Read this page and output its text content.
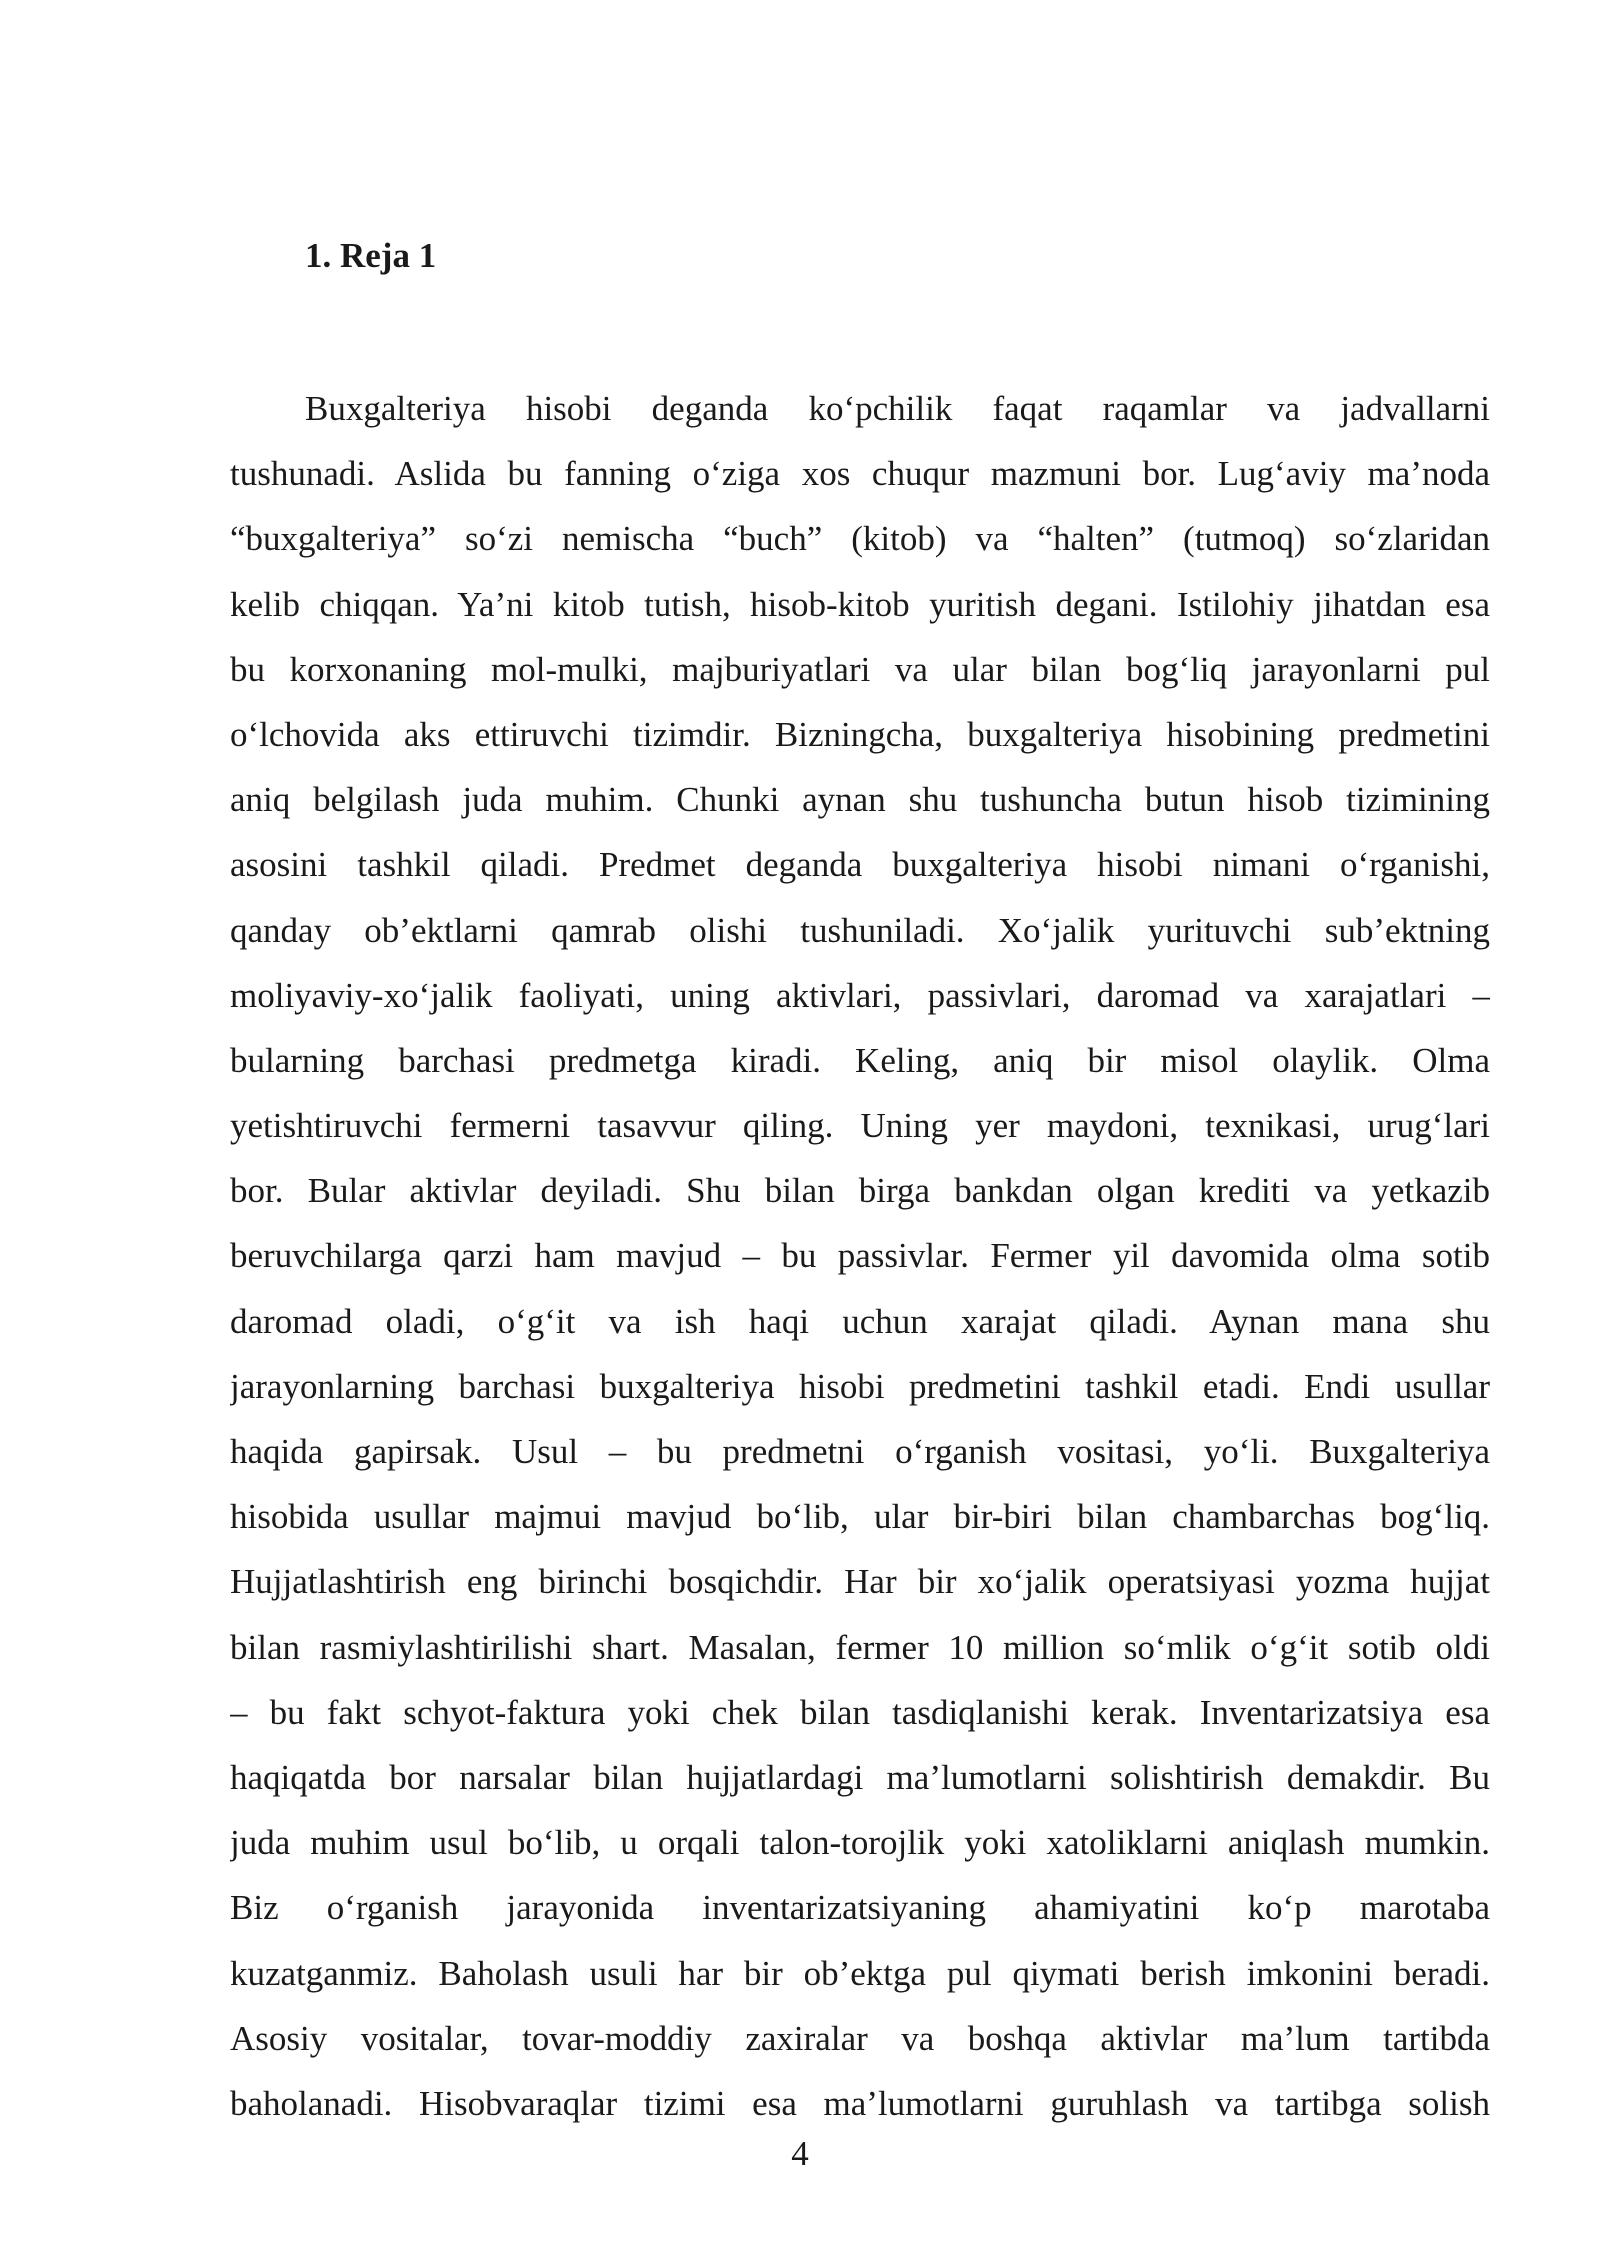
1. Reja 1
Buxgalteriya hisobi deganda ko‘pchilik faqat raqamlar va jadvallarni
tushunadi. Aslida bu fanning o‘ziga xos chuqur mazmuni bor. Lug‘aviy ma’noda
“buxgalteriya” so‘zi nemischa “buch” (kitob) va “halten” (tutmoq) so‘zlaridan
kelib chiqqan. Ya’ni kitob tutish, hisob-kitob yuritish degani. Istilohiy jihatdan esa
bu korxonaning mol-mulki, majburiyatlari va ular bilan bog‘liq jarayonlarni pul
o‘lchovida aks ettiruvchi tizimdir. Bizningcha, buxgalteriya hisobining predmetini
aniq belgilash juda muhim. Chunki aynan shu tushuncha butun hisob tizimining
asosini tashkil qiladi. Predmet deganda buxgalteriya hisobi nimani o‘rganishi,
qanday ob’ektlarni qamrab olishi tushuniladi. Xo‘jalik yurituvchi sub’ektning
moliyaviy-xo‘jalik faoliyati, uning aktivlari, passivlari, daromad va xarajatlari –
bularning barchasi predmetga kiradi. Keling, aniq bir misol olaylik. Olma
yetishtiruvchi fermerni tasavvur qiling. Uning yer maydoni, texnikasi, urug‘lari
bor. Bular aktivlar deyiladi. Shu bilan birga bankdan olgan krediti va yetkazib
beruvchilarga qarzi ham mavjud – bu passivlar. Fermer yil davomida olma sotib
daromad oladi, o‘g‘it va ish haqi uchun xarajat qiladi. Aynan mana shu
jarayonlarning barchasi buxgalteriya hisobi predmetini tashkil etadi. Endi usullar
haqida gapirsak. Usul – bu predmetni o‘rganish vositasi, yo‘li. Buxgalteriya
hisobida usullar majmui mavjud bo‘lib, ular bir-biri bilan chambarchas bog‘liq.
Hujjatlashtirish eng birinchi bosqichdir. Har bir xo‘jalik operatsiyasi yozma hujjat
bilan rasmiylashtirilishi shart. Masalan, fermer 10 million so‘mlik o‘g‘it sotib oldi
– bu fakt schyot-faktura yoki chek bilan tasdiqlanishi kerak. Inventarizatsiya esa
haqiqatda bor narsalar bilan hujjatlardagi ma’lumotlarni solishtirish demakdir. Bu
juda muhim usul bo‘lib, u orqali talon-torojlik yoki xatoliklarni aniqlash mumkin.
Biz o‘rganish jarayonida inventarizatsiyaning ahamiyatini ko‘p marotaba
kuzatganmiz. Baholash usuli har bir ob’ektga pul qiymati berish imkonini beradi.
Asosiy vositalar, tovar-moddiy zaxiralar va boshqa aktivlar ma’lum tartibda
baholanadi. Hisobvaraqlar tizimi esa ma’lumotlarni guruhlash va tartibga solish
4
